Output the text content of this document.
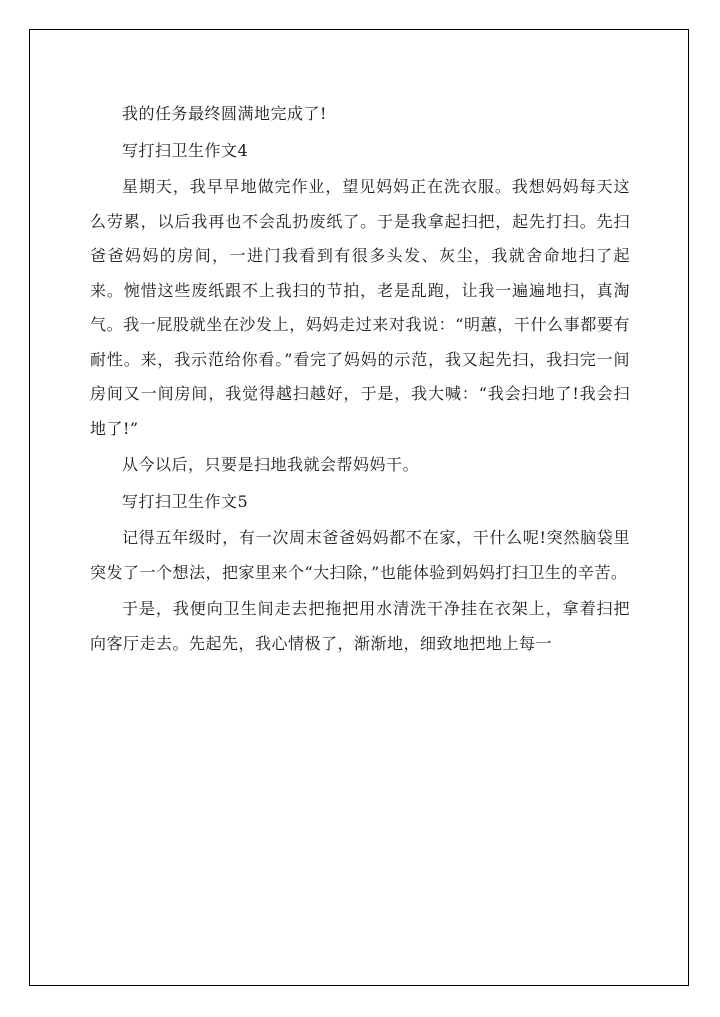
我的任务最终圆满地完成了!

写打扫卫生作文4

星期天，我早早地做完作业，望见妈妈正在洗衣服。我想妈妈每天这么劳累，以后我再也不会乱扔废纸了。于是我拿起扫把，起先打扫。先扫爸爸妈妈的房间，一进门我看到有很多头发、灰尘，我就舍命地扫了起来。惋惜这些废纸跟不上我扫的节拍，老是乱跑，让我一遍遍地扫，真淘气。我一屁股就坐在沙发上，妈妈走过来对我说：“明蕙，干什么事都要有耐性。来，我示范给你看。”看完了妈妈的示范，我又起先扫，我扫完一间房间又一间房间，我觉得越扫越好，于是，我大喊：“我会扫地了!我会扫地了!”

从今以后，只要是扫地我就会帮妈妈干。

写打扫卫生作文5

记得五年级时，有一次周末爸爸妈妈都不在家，干什么呢!突然脑袋里突发了一个想法，把家里来个“大扫除，”也能体验到妈妈打扫卫生的辛苦。

于是，我便向卫生间走去把拖把用水清洗干净挂在衣架上，拿着扫把向客厅走去。先起先，我心情极了，渐渐地，细致地把地上每一
